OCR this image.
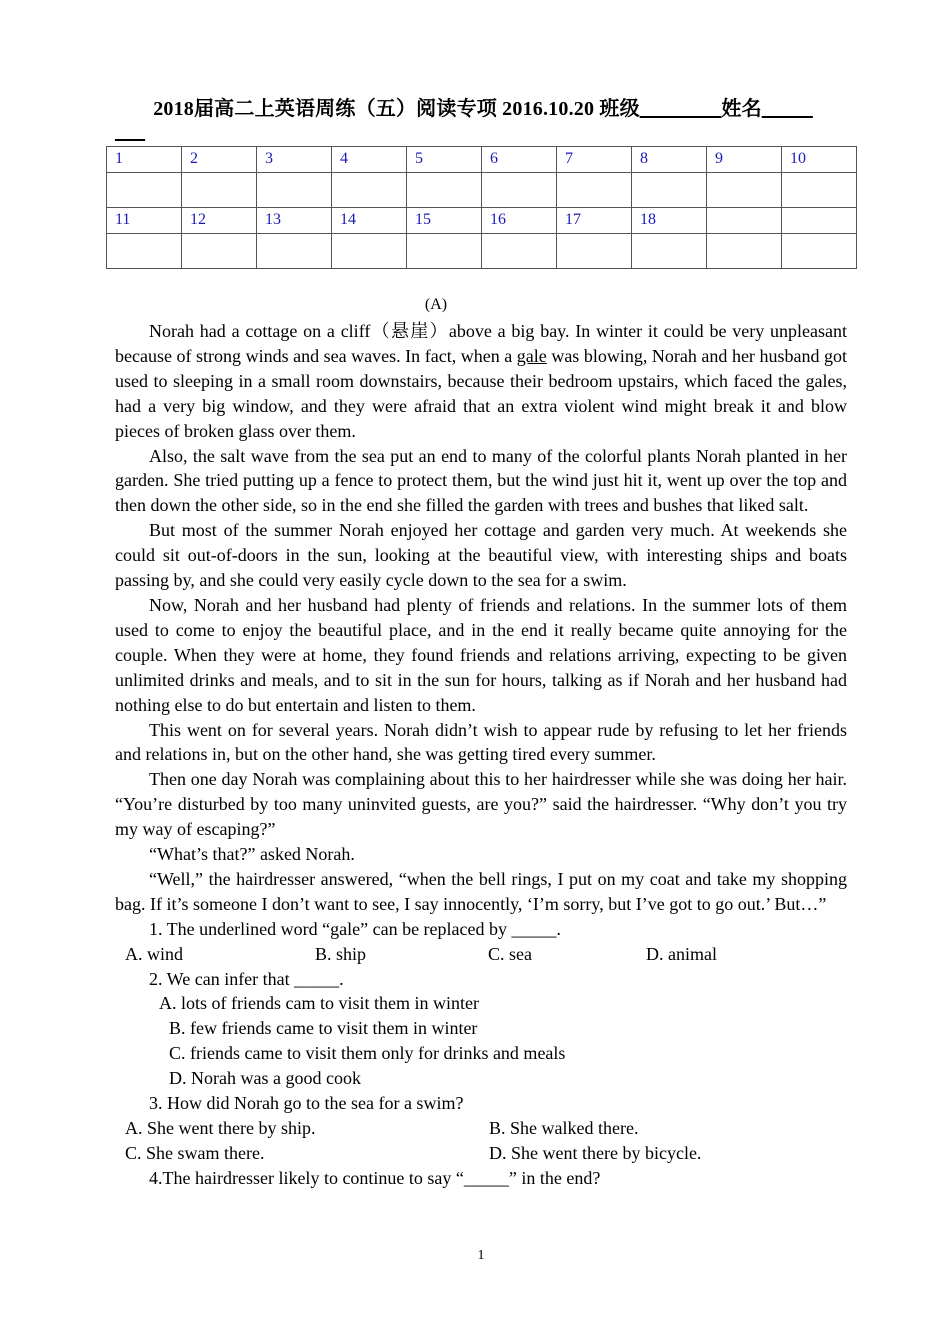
2018届高二上英语周练（五）阅读专项 2016.10.20 班级________姓名_____
___
1	2	3	4	5	6	7	8	9	10

11	12	13	14	15	16	17	18		

(A)

Norah had a cottage on a cliff（悬崖）above a big bay. In winter it could be very unpleasant because of strong winds and sea waves. In fact, when a gale was blowing, Norah and her husband got used to sleeping in a small room downstairs, because their bedroom upstairs, which faced the gales, had a very big window, and they were afraid that an extra violent wind might break it and blow pieces of broken glass over them.

Also, the salt wave from the sea put an end to many of the colorful plants Norah planted in her garden. She tried putting up a fence to protect them, but the wind just hit it, went up over the top and then down the other side, so in the end she filled the garden with trees and bushes that liked salt.

But most of the summer Norah enjoyed her cottage and garden very much. At weekends she could sit out-of-doors in the sun, looking at the beautiful view, with interesting ships and boats passing by, and she could very easily cycle down to the sea for a swim.

Now, Norah and her husband had plenty of friends and relations. In the summer lots of them used to come to enjoy the beautiful place, and in the end it really became quite annoying for the couple. When they were at home, they found friends and relations arriving, expecting to be given unlimited drinks and meals, and to sit in the sun for hours, talking as if Norah and her husband had nothing else to do but entertain and listen to them.

This went on for several years. Norah didn’t wish to appear rude by refusing to let her friends and relations in, but on the other hand, she was getting tired every summer.

Then one day Norah was complaining about this to her hairdresser while she was doing her hair. “You’re disturbed by too many uninvited guests, are you?” said the hairdresser. “Why don’t you try my way of escaping?”

“What’s that?” asked Norah.

“Well,” the hairdresser answered, “when the bell rings, I put on my coat and take my shopping bag. If it’s someone I don’t want to see, I say innocently, ‘I’m sorry, but I’ve got to go out.’ But…”

1. The underlined word “gale” can be replaced by _____.

A. wind	B. ship	C. sea	D. animal

2. We can infer that _____.

A. lots of friends cam to visit them in winter

B. few friends came to visit them in winter

C. friends came to visit them only for drinks and meals

D. Norah was a good cook

3. How did Norah go to the sea for a swim?

A. She went there by ship.	B. She walked there.
C. She swam there.	D. She went there by bicycle.

4.The hairdresser likely to continue to say “_____” in the end?

1
